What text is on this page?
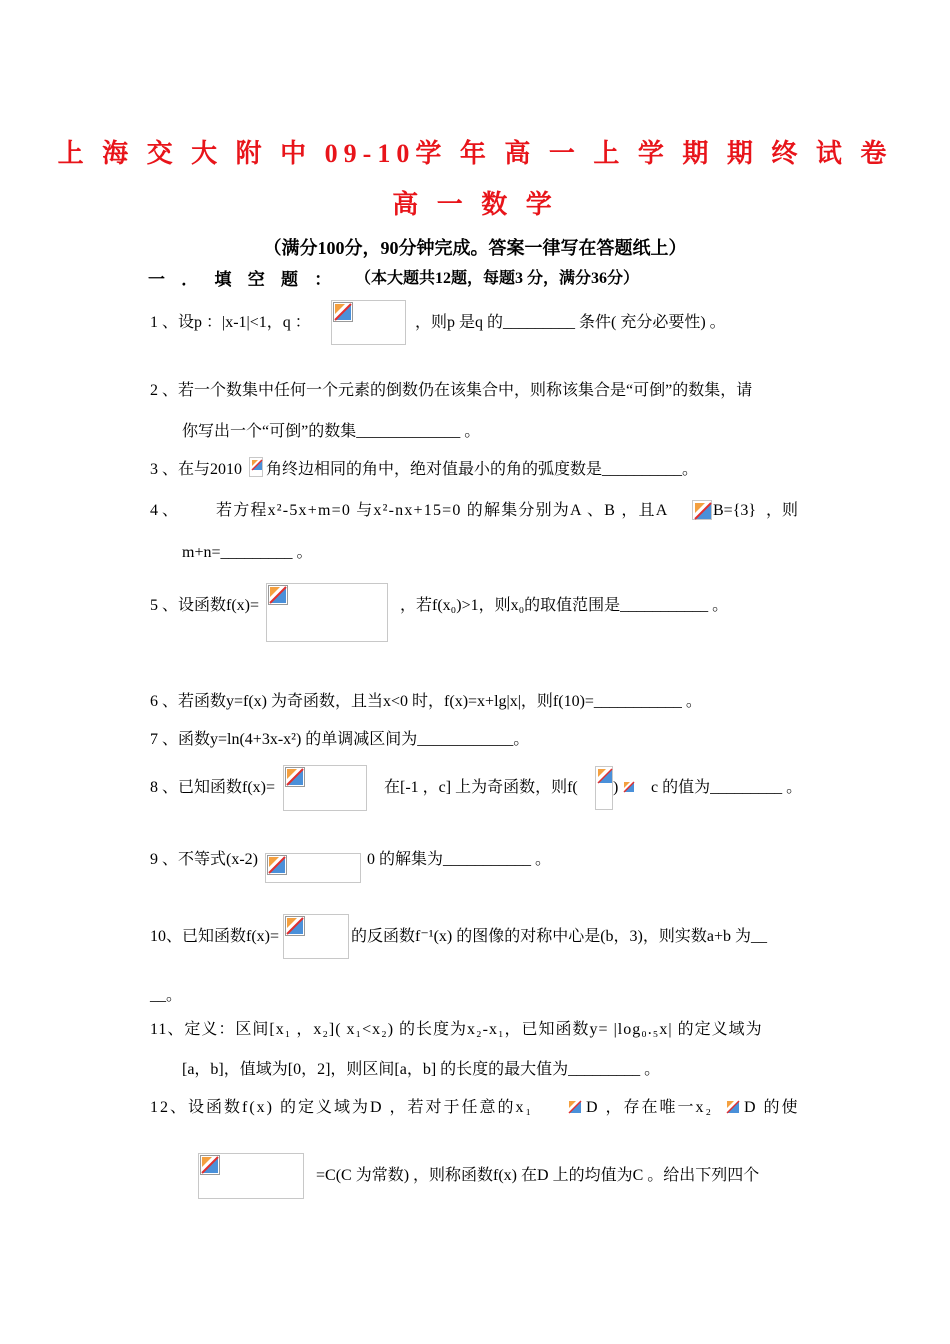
上 海 交 大 附 中 09-10学 年 高 一 上 学 期 期 终 试 卷
高 一 数 学
（满分100分，90分钟完成。答案一律写在答题纸上）
一 ． 填 空 题 ： （本大题共12题，每题3 分，满分36分）
1 、设p ：|x-1|<1，q ：	，则p 是q 的_________ 条件( 充分必要性) 。
2 、若一个数集中任何一个元素的倒数仍在该集合中，则称该集合是“可倒”的数集，请
你写出一个“可倒”的数集_____________ 。
3 、在与2010 角终边相同的角中，绝对值最小的角的弧度数是__________。
4 、 若方程x²-5x+m=0 与x²-nx+15=0 的解集分别为A 、B ，且A	B={3} ，则
m+n=_________ 。
5 、设函数f(x)=	，若f(x₀)>1，则x₀的取值范围是___________ 。
6 、若函数y=f(x) 为奇函数，且当x<0 时，f(x)=x+lg|x|，则f(10)=___________ 。
7 、函数y=ln(4+3x-x²) 的单调减区间为____________。
8 、已知函数f(x)=	在[-1 ，c] 上为奇函数，则f( ) c 的值为_________ 。
9 、不等式(x-2)	0 的解集为___________ 。
10、已知函数f(x)=	的反函数f⁻¹(x) 的图像的对称中心是(b，3)，则实数a+b 为__
__。
11、定义：区间[x₁ ，x₂]( x₁<x₂) 的长度为x₂-x₁，已知函数y= |log₀.₅x| 的定义域为
[a，b]，值域为[0，2]，则区间[a，b] 的长度的最大值为_________ 。
12、设函数f(x) 的定义域为D ，若对于任意的x₁	D ，存在唯一x₂ D 的使
=C(C 为常数) ，则称函数f(x) 在D 上的均值为C 。给出下列四个
